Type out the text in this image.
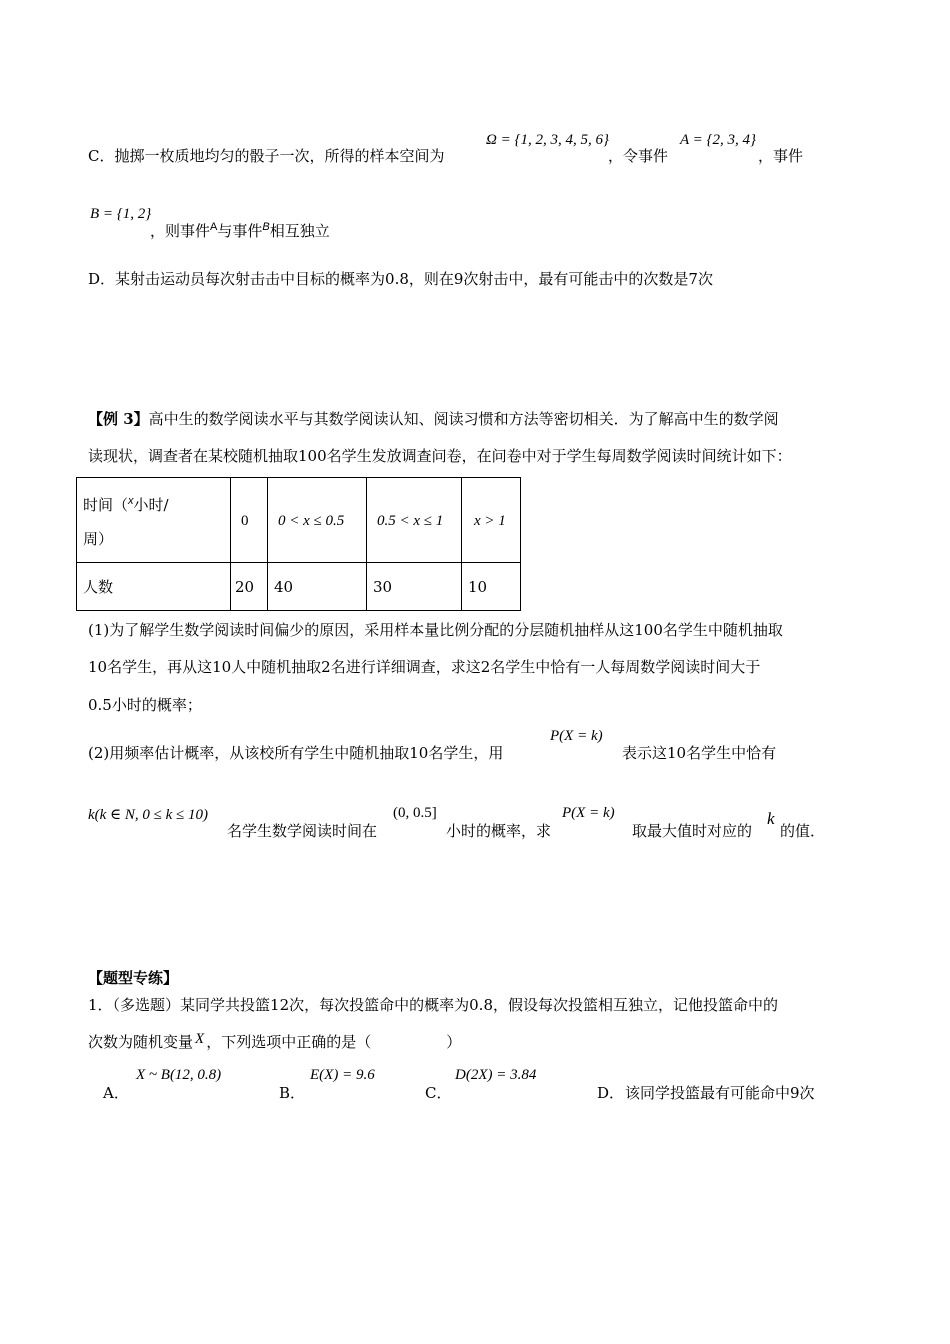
C．抛掷一枚质地均匀的骰子一次，所得的样本空间为
Ω = {1, 2, 3, 4, 5, 6}
，令事件
A = {2, 3, 4}
，事件
B = {1, 2}
，则事件$^A$与事件$^B$相互独立
D．某射击运动员每次射击击中目标的概率为0.8，则在9次射击中，最有可能击中的次数是7次
【例 3】高中生的数学阅读水平与其数学阅读认知、阅读习惯和方法等密切相关．为了解高中生的数学阅
读现状，调查者在某校随机抽取100名学生发放调查问卷，在问卷中对于学生每周数学阅读时间统计如下：
时间（$^x$小时/
周）	0	0 < x ≤ 0.5	0.5 < x ≤ 1	x > 1
人数	20	40	30	10
(1)为了解学生数学阅读时间偏少的原因，采用样本量比例分配的分层随机抽样从这100名学生中随机抽取
10名学生，再从这10人中随机抽取2名进行详细调查，求这2名学生中恰有一人每周数学阅读时间大于
0.5小时的概率；
(2)用频率估计概率，从该校所有学生中随机抽取10名学生，用
P(X = k)
表示这10名学生中恰有
k(k ∈ N, 0 ≤ k ≤ 10)
名学生数学阅读时间在
(0, 0.5]
小时的概率，求
P(X = k)
取最大值时对应的
k
的值．
【题型专练】
1．（多选题）某同学共投篮12次，每次投篮命中的概率为0.8，假设每次投篮相互独立，记他投篮命中的
次数为随机变量 X ，下列选项中正确的是（　　　　　）
A．
X ~ B(12, 0.8)
B．
E(X) = 9.6
C．
D(2X) = 3.84
D． 该同学投篮最有可能命中9次
